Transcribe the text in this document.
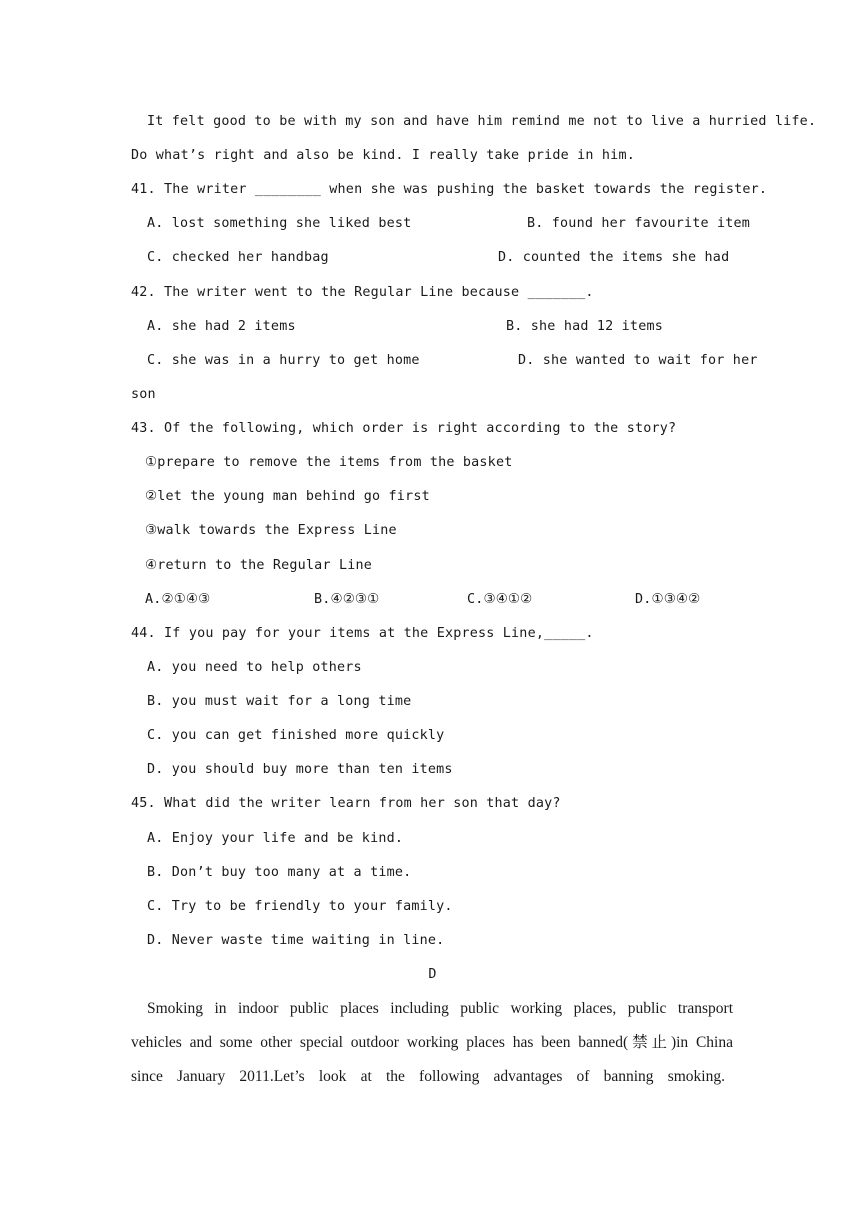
It felt good to be with my son and have him remind me not to live a hurried life.
Do what’s right and also be kind. I really take pride in him.
41. The writer ________ when she was pushing the basket towards the register.
A. lost something she liked best	B. found her favourite item
C. checked her handbag	D. counted the items she had
42. The writer went to the Regular Line because _______.
A. she had 2 items	B. she had 12 items
C. she was in a hurry to get home	D. she wanted to wait for her
son
43. Of the following, which order is right according to the story?
①prepare to remove the items from the basket
②let the young man behind go first
③walk towards the Express Line
④return to the Regular Line
A.②①④③	B.④②③①	C.③④①②	D.①③④②
44. If you pay for your items at the Express Line,_____.
A. you need to help others
B. you must wait for a long time
C. you can get finished more quickly
D. you should buy more than ten items
45. What did the writer learn from her son that day?
A. Enjoy your life and be kind.
B. Don’t buy too many at a time.
C. Try to be friendly to your family.
D. Never waste time waiting in line.
D
Smoking in indoor public places including public working places, public transport
vehicles and some other special outdoor working places has been banned(禁止)in China
since January 2011.Let’s look at the following advantages of banning smoking.
